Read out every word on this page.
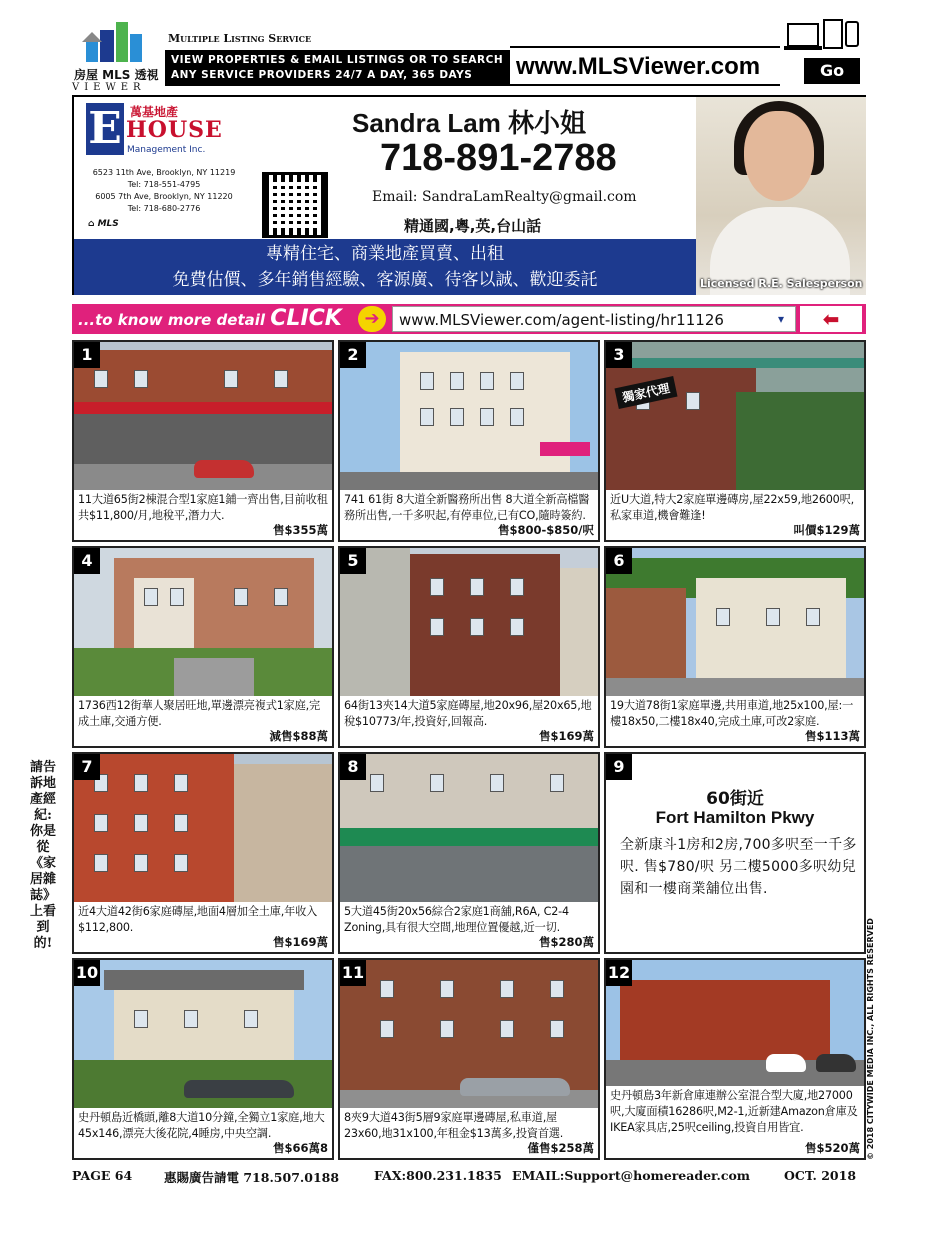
房屋 MLS 透視
VIEWER
Multiple Listing Service
VIEW PROPERTIES & EMAIL LISTINGS OR TO SEARCH
ANY SERVICE PROVIDERS 24/7 A DAY, 365 DAYS	www.MLSViewer.com	Go
E 萬基地產
HOUSE
Realty & Management Inc.
6523 11th Ave, Brooklyn, NY 11219
Tel: 718-551-4795
6005 7th Ave, Brooklyn, NY 11220
Tel: 718-680-2776
⌂ MLS
Sandra Lam 林小姐
718-891-2788
Email: SandraLamRealty@gmail.com
精通國,粵,英,台山話
專精住宅、商業地產買賣、出租
免費估價、多年銷售經驗、客源廣、待客以誠、歡迎委託	Licensed R.E. Salesperson
...to know more detail CLICK	➔	www.MLSViewer.com/agent-listing/hr11126	▾	⬅
1
11大道65街2棟混合型1家庭1鋪一齊出售,目前收租共$11,800/月,地稅平,潛力大.
售$355萬
2
741 61街 8大道全新醫務所出售 8大道全新高檔醫務所出售,一千多呎起,有停車位,已有CO,隨時簽約.
售$800-$850/呎
獨家代理
3
近U大道,特大2家庭單邊磚房,屋22x59,地2600呎,私家車道,機會難逢!
叫價$129萬
4
1736西12街華人聚居旺地,單邊漂亮複式1家庭,完成土庫,交通方便.
減售$88萬
5
64街13夾14大道5家庭磚屋,地20x96,屋20x65,地稅$10773/年,投資好,回報高.
售$169萬
6
19大道78街1家庭單邊,共用車道,地25x100,屋:一樓18x50,二樓18x40,完成土庫,可改2家庭.
售$113萬
7
近4大道42街6家庭磚屋,地面4層加全土庫,年收入$112,800.
售$169萬
8
5大道45街20x56綜合2家庭1商舖,R6A, C2-4 Zoning,具有很大空間,地理位置優越,近一切.
售$280萬
9
60街近
Fort Hamilton Pkwy
全新康斗1房和2房,700多呎至一千多呎. 售$780/呎 另二樓5000多呎幼兒園和一樓商業舖位出售.
10
史丹頓島近橋頭,離8大道10分鐘,全獨立1家庭,地大45x146,漂亮大後花院,4睡房,中央空調.
售$66萬8
11
8夾9大道43街5層9家庭單邊磚屋,私車道,屋23x60,地31x100,年租金$13萬多,投資首選.
僅售$258萬
12
史丹頓島3年新倉庫連辦公室混合型大廈,地27000呎,大廈面積16286呎,M2-1,近新建Amazon倉庫及IKEA家具店,25呎ceiling,投資自用皆宜.
售$520萬
請告訴地產經紀:你是從《家居雜誌》上看到的!	© 2018 CITYWIDE MEDIA INC., ALL RIGHTS RESERVED
PAGE 64	惠賜廣告請電 718.507.0188	FAX:800.231.1835 EMAIL:Support@homereader.com	OCT. 2018
